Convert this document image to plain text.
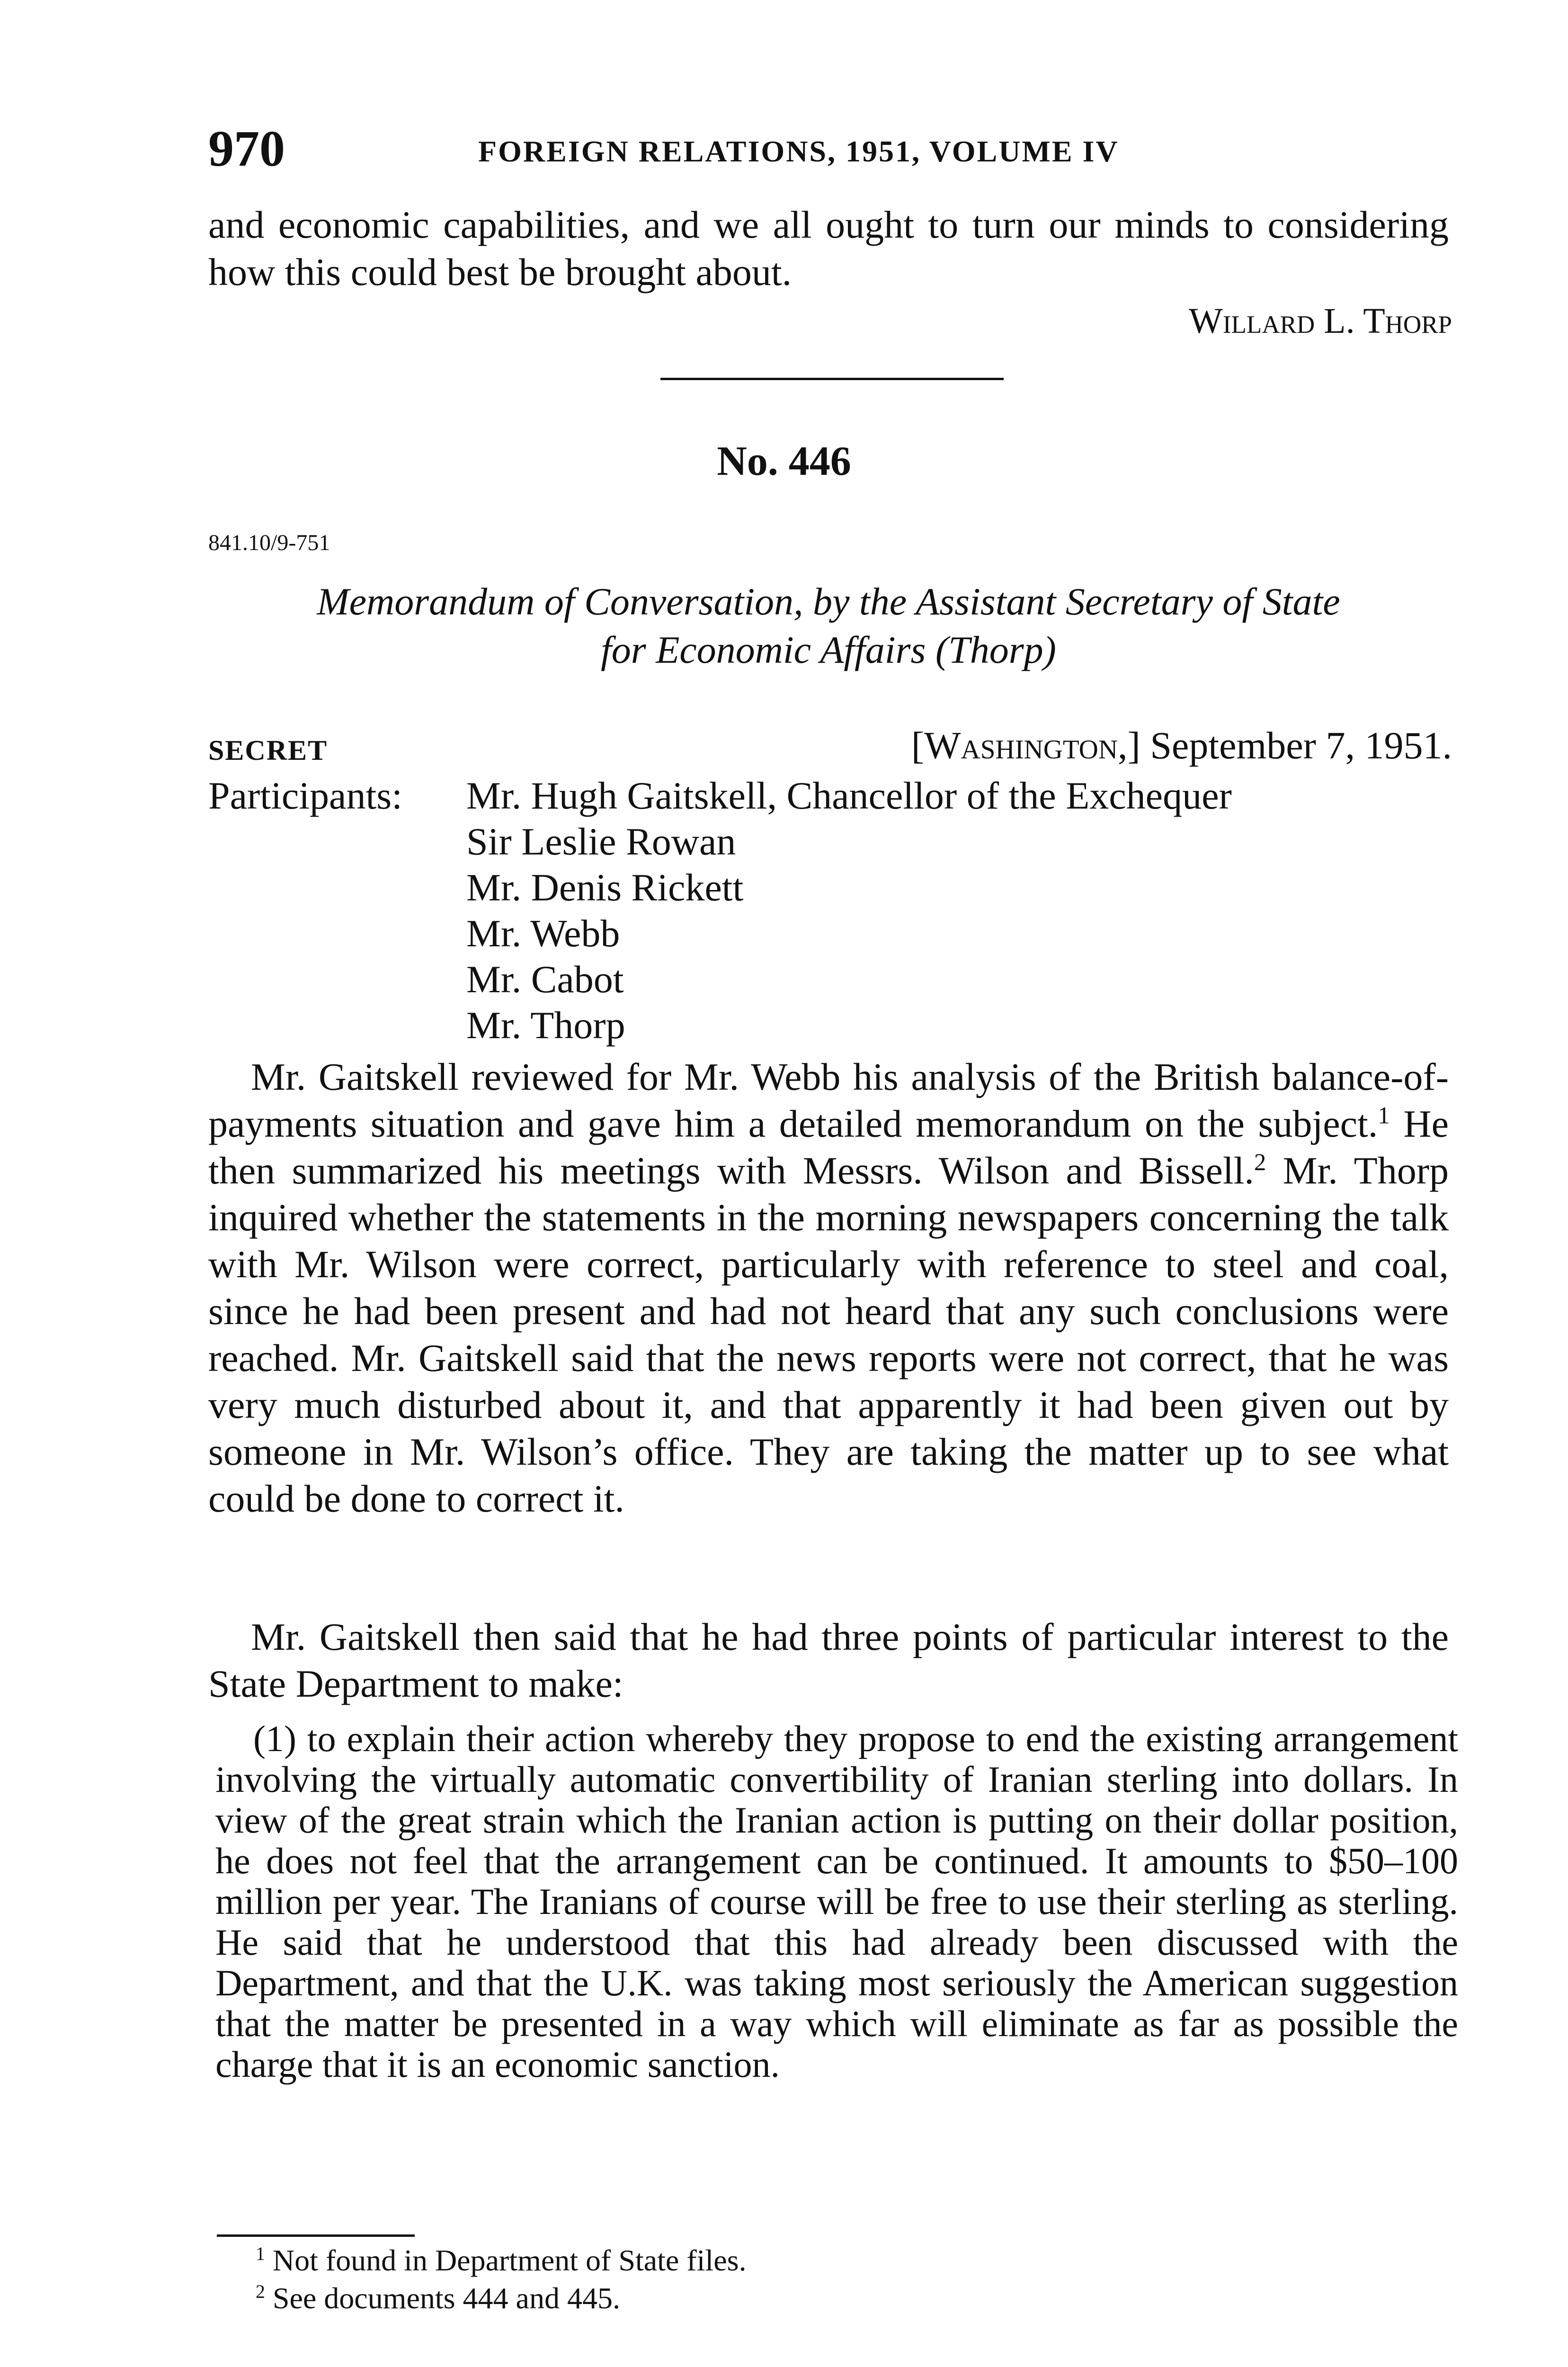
970	FOREIGN RELATIONS, 1951, VOLUME IV
and economic capabilities, and we all ought to turn our minds to considering how this could best be brought about.
Willard L. Thorp
No. 446
841.10/9-751
Memorandum of Conversation, by the Assistant Secretary of State
for Economic Affairs (Thorp)
SECRET	[Washington,] September 7, 1951.
Participants: Mr. Hugh Gaitskell, Chancellor of the Exchequer
Sir Leslie Rowan
Mr. Denis Rickett
Mr. Webb
Mr. Cabot
Mr. Thorp
Mr. Gaitskell reviewed for Mr. Webb his analysis of the British balance-of-payments situation and gave him a detailed memorandum on the subject.$^1$ He then summarized his meetings with Messrs. Wilson and Bissell.$^2$ Mr. Thorp inquired whether the statements in the morning newspapers concerning the talk with Mr. Wilson were correct, particularly with reference to steel and coal, since he had been present and had not heard that any such conclusions were reached. Mr. Gaitskell said that the news reports were not correct, that he was very much disturbed about it, and that apparently it had been given out by someone in Mr. Wilson’s office. They are taking the matter up to see what could be done to correct it.
Mr. Gaitskell then said that he had three points of particular interest to the State Department to make:
(1) to explain their action whereby they propose to end the existing arrangement involving the virtually automatic convertibility of Iranian sterling into dollars. In view of the great strain which the Iranian action is putting on their dollar position, he does not feel that the arrangement can be continued. It amounts to $50–100 million per year. The Iranians of course will be free to use their sterling as sterling. He said that he understood that this had already been discussed with the Department, and that the U.K. was taking most seriously the American suggestion that the matter be presented in a way which will eliminate as far as possible the charge that it is an economic sanction.
$^1$ Not found in Department of State files.
$^2$ See documents 444 and 445.
